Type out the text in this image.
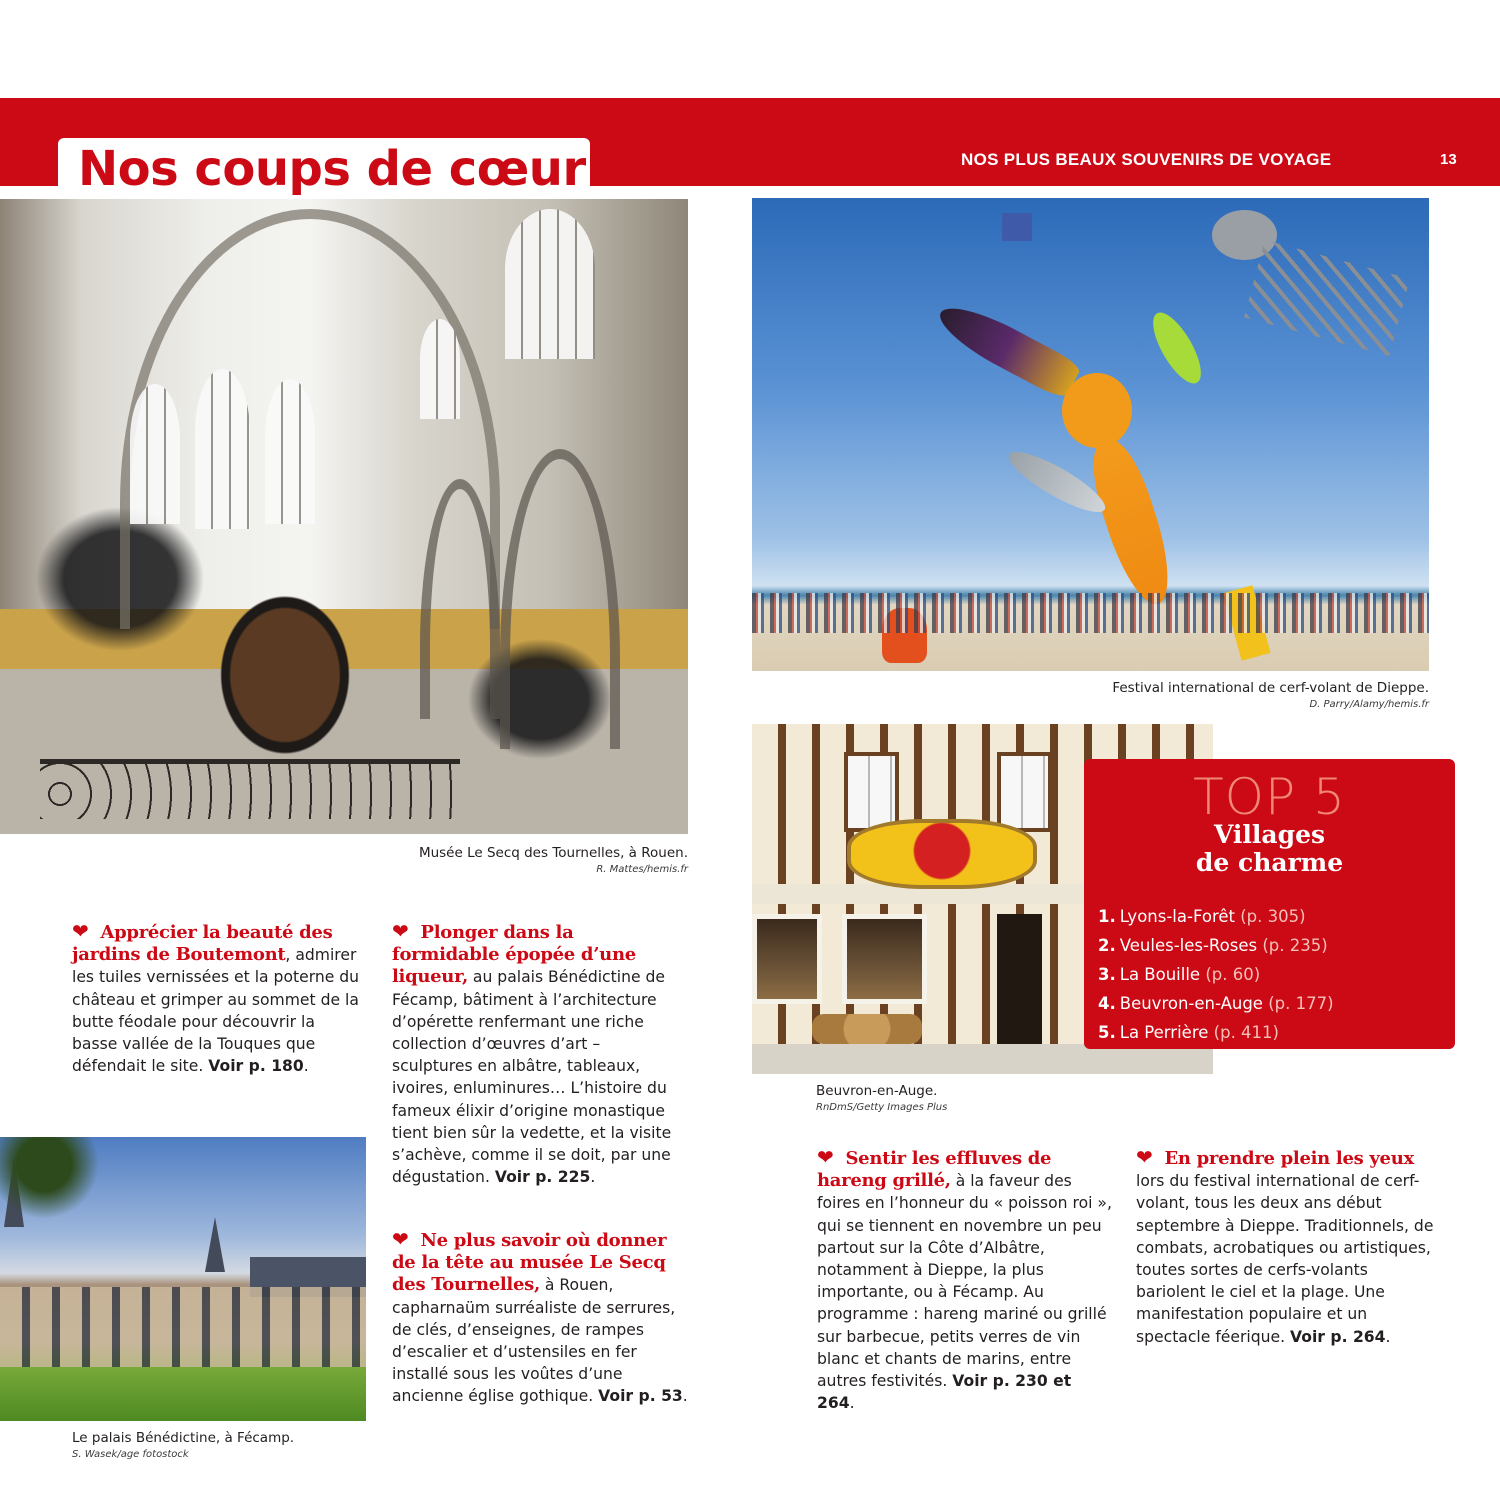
Nos coups de cœur	NOS PLUS BEAUX SOUVENIRS DE VOYAGE	13
Musée Le Secq des Tournelles, à Rouen.
R. Mattes/hemis.fr
Festival international de cerf-volant de Dieppe.
D. Parry/Alamy/hemis.fr
Beuvron-en-Auge.
RnDmS/Getty Images Plus
TOP 5
Villages
de charme
1. Lyons-la-Forêt (p. 305)
2. Veules-les-Roses (p. 235)
3. La Bouille (p. 60)
4. Beuvron-en-Auge (p. 177)
5. La Perrière (p. 411)
Le palais Bénédictine, à Fécamp.
S. Wasek/age fotostock
❤ Apprécier la beauté des jardins de Boutemont, admirer les tuiles vernissées et la poterne du château et grimper au sommet de la butte féodale pour découvrir la basse vallée de la Touques que défendait le site. Voir p. 180.
❤ Plonger dans la formidable épopée d’une liqueur, au palais Bénédictine de Fécamp, bâtiment à l’architecture d’opérette renfermant une riche collection d’œuvres d’art – sculptures en albâtre, tableaux, ivoires, enluminures… L’histoire du fameux élixir d’origine monastique tient bien sûr la vedette, et la visite s’achève, comme il se doit, par une dégustation. Voir p. 225.
❤ Ne plus savoir où donner de la tête au musée Le Secq des Tournelles, à Rouen, capharnaüm surréaliste de serrures, de clés, d’enseignes, de rampes d’escalier et d’ustensiles en fer installé sous les voûtes d’une ancienne église gothique. Voir p. 53.
❤ Sentir les effluves de hareng grillé, à la faveur des foires en l’honneur du « poisson roi », qui se tiennent en novembre un peu partout sur la Côte d’Albâtre, notamment à Dieppe, la plus importante, ou à Fécamp. Au programme : hareng mariné ou grillé sur barbecue, petits verres de vin blanc et chants de marins, entre autres festivités. Voir p. 230 et 264.
❤ En prendre plein les yeux lors du festival international de cerf-volant, tous les deux ans début septembre à Dieppe. Traditionnels, de combats, acrobatiques ou artistiques, toutes sortes de cerfs-volants bariolent le ciel et la plage. Une manifestation populaire et un spectacle féerique. Voir p. 264.
